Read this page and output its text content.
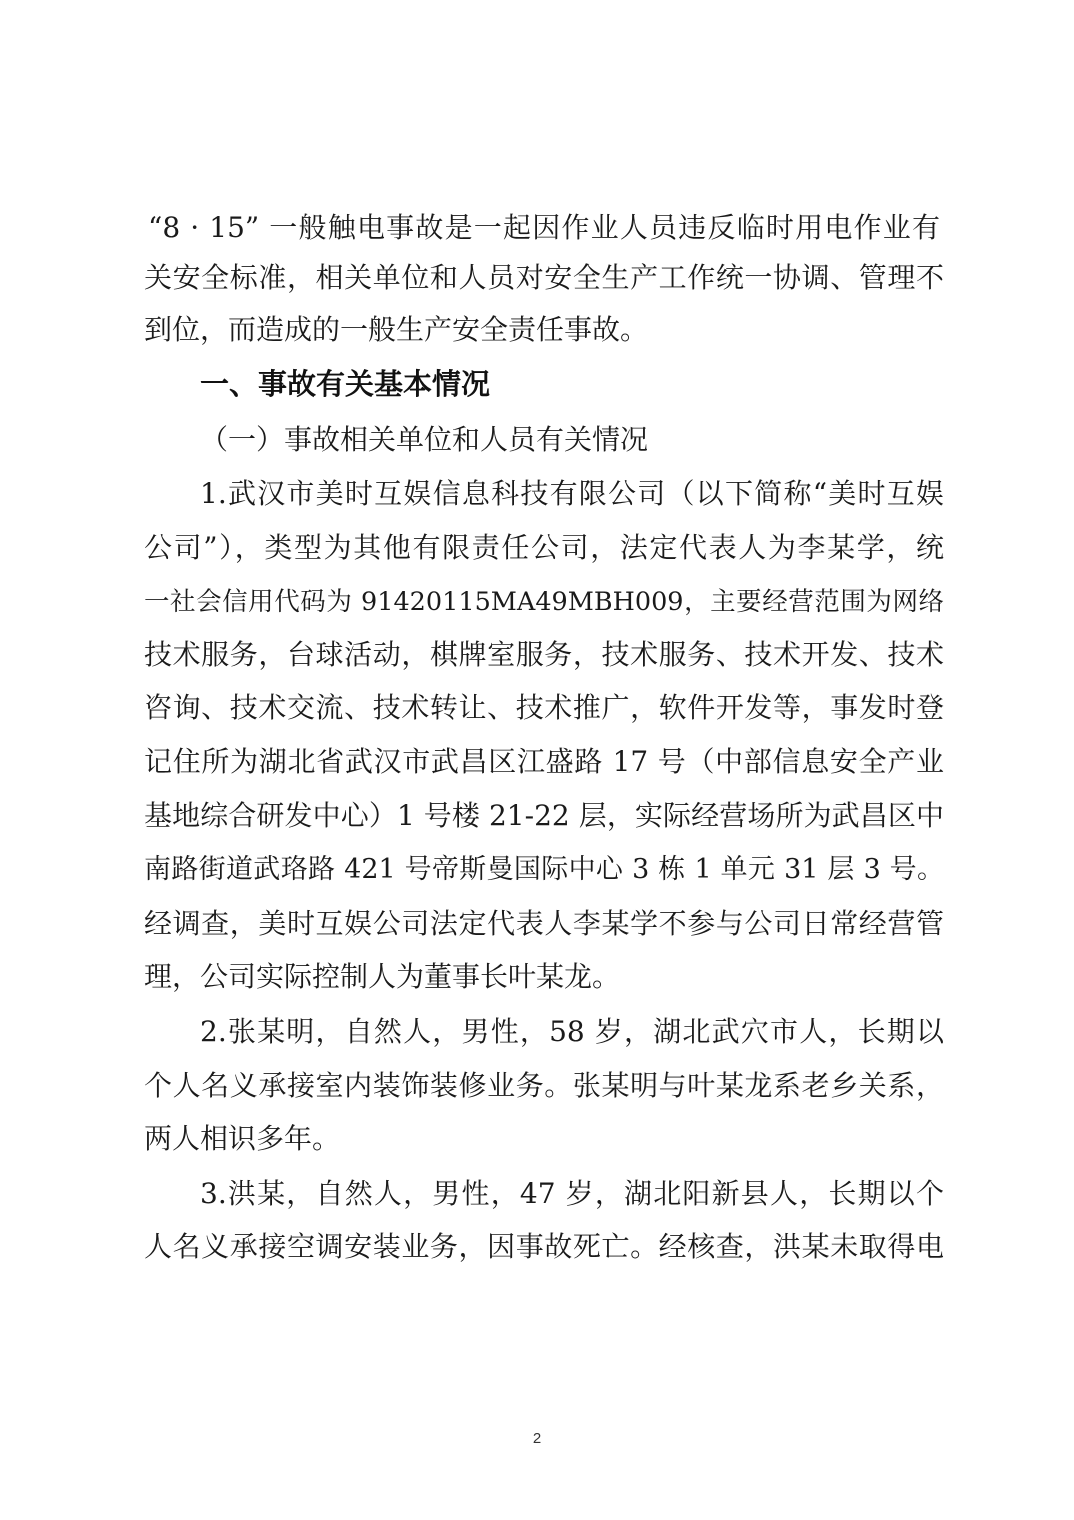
“8 · 15” 一般触电事故是一起因作业人员违反临时用电作业有
关安全标准，相关单位和人员对安全生产工作统一协调、管理不
到位，而造成的一般生产安全责任事故。
一、事故有关基本情况
（一）事故相关单位和人员有关情况
1.武汉市美时互娱信息科技有限公司（以下简称“美时互娱
公司”），类型为其他有限责任公司，法定代表人为李某学，统
一社会信用代码为 91420115MA49MBH009，主要经营范围为网络
技术服务，台球活动，棋牌室服务，技术服务、技术开发、技术
咨询、技术交流、技术转让、技术推广，软件开发等，事发时登
记住所为湖北省武汉市武昌区江盛路 17 号（中部信息安全产业
基地综合研发中心）1 号楼 21-22 层，实际经营场所为武昌区中
南路街道武珞路 421 号帝斯曼国际中心 3 栋 1 单元 31 层 3 号。
经调查，美时互娱公司法定代表人李某学不参与公司日常经营管
理，公司实际控制人为董事长叶某龙。
2.张某明，自然人，男性，58 岁，湖北武穴市人，长期以
个人名义承接室内装饰装修业务。张某明与叶某龙系老乡关系，
两人相识多年。
3.洪某，自然人，男性，47 岁，湖北阳新县人，长期以个
人名义承接空调安装业务，因事故死亡。经核查，洪某未取得电
2
